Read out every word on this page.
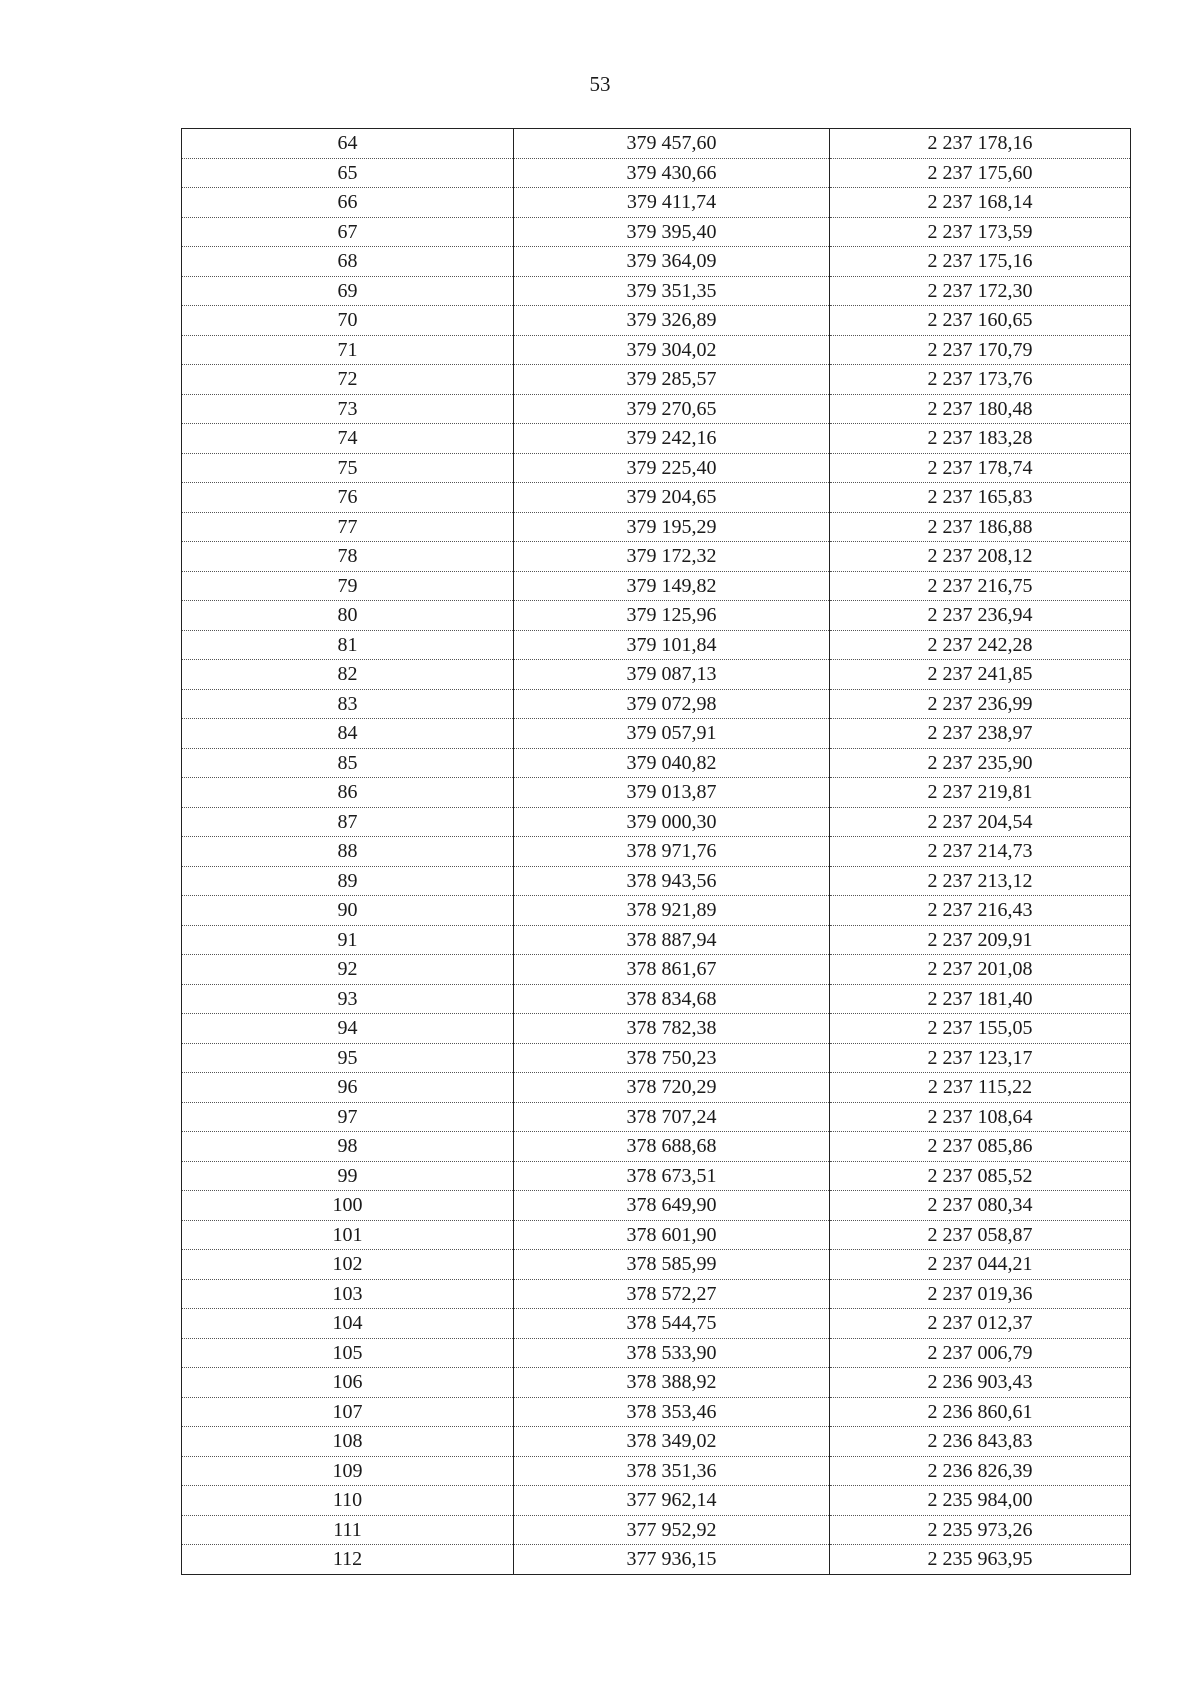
53
64	379 457,60	2 237 178,16
65	379 430,66	2 237 175,60
66	379 411,74	2 237 168,14
67	379 395,40	2 237 173,59
68	379 364,09	2 237 175,16
69	379 351,35	2 237 172,30
70	379 326,89	2 237 160,65
71	379 304,02	2 237 170,79
72	379 285,57	2 237 173,76
73	379 270,65	2 237 180,48
74	379 242,16	2 237 183,28
75	379 225,40	2 237 178,74
76	379 204,65	2 237 165,83
77	379 195,29	2 237 186,88
78	379 172,32	2 237 208,12
79	379 149,82	2 237 216,75
80	379 125,96	2 237 236,94
81	379 101,84	2 237 242,28
82	379 087,13	2 237 241,85
83	379 072,98	2 237 236,99
84	379 057,91	2 237 238,97
85	379 040,82	2 237 235,90
86	379 013,87	2 237 219,81
87	379 000,30	2 237 204,54
88	378 971,76	2 237 214,73
89	378 943,56	2 237 213,12
90	378 921,89	2 237 216,43
91	378 887,94	2 237 209,91
92	378 861,67	2 237 201,08
93	378 834,68	2 237 181,40
94	378 782,38	2 237 155,05
95	378 750,23	2 237 123,17
96	378 720,29	2 237 115,22
97	378 707,24	2 237 108,64
98	378 688,68	2 237 085,86
99	378 673,51	2 237 085,52
100	378 649,90	2 237 080,34
101	378 601,90	2 237 058,87
102	378 585,99	2 237 044,21
103	378 572,27	2 237 019,36
104	378 544,75	2 237 012,37
105	378 533,90	2 237 006,79
106	378 388,92	2 236 903,43
107	378 353,46	2 236 860,61
108	378 349,02	2 236 843,83
109	378 351,36	2 236 826,39
110	377 962,14	2 235 984,00
111	377 952,92	2 235 973,26
112	377 936,15	2 235 963,95
